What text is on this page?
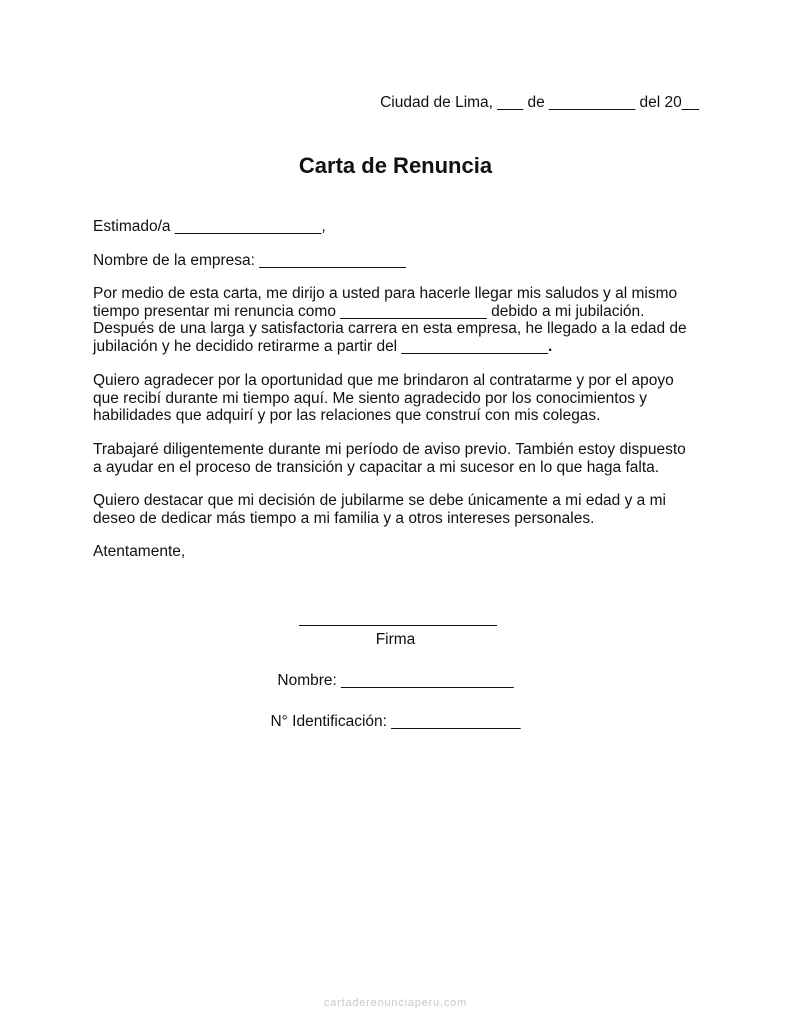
Ciudad de Lima, ___ de __________ del 20__
Carta de Renuncia
Estimado/a _________________,
Nombre de la empresa: _________________
Por medio de esta carta, me dirijo a usted para hacerle llegar mis saludos y al mismo
tiempo presentar mi renuncia como _________________ debido a mi jubilación.
Después de una larga y satisfactoria carrera en esta empresa, he llegado a la edad de
jubilación y he decidido retirarme a partir del _________________.
Quiero agradecer por la oportunidad que me brindaron al contratarme y por el apoyo
que recibí durante mi tiempo aquí. Me siento agradecido por los conocimientos y
habilidades que adquirí y por las relaciones que construí con mis colegas.
Trabajaré diligentemente durante mi período de aviso previo. También estoy dispuesto
a ayudar en el proceso de transición y capacitar a mi sucesor en lo que haga falta.
Quiero destacar que mi decisión de jubilarme se debe únicamente a mi edad y a mi
deseo de dedicar más tiempo a mi familia y a otros intereses personales.
Atentamente,
Firma
Nombre: ____________________
N° Identificación: _______________
cartaderenunciaperu.com
